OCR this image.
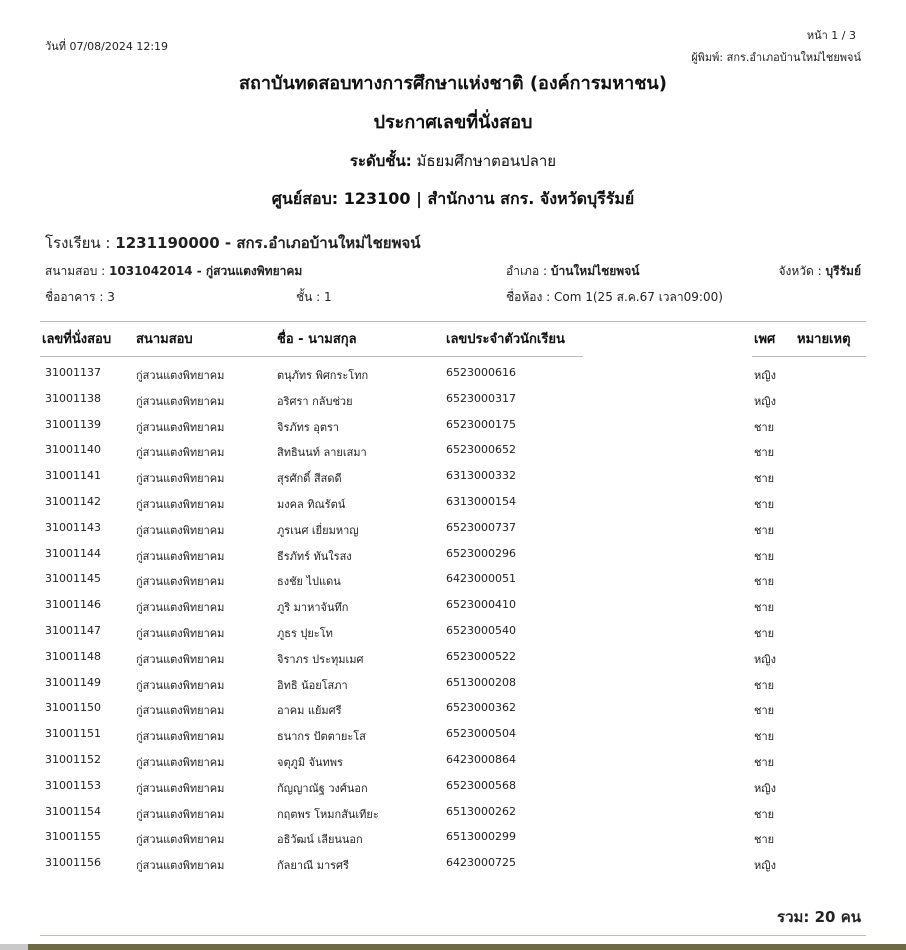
วันที่ 07/08/2024 12:19
หน้า 1 / 3
ผู้พิมพ์: สกร.อำเภอบ้านใหม่ไชยพจน์
สถาบันทดสอบทางการศึกษาแห่งชาติ (องค์การมหาชน)
ประกาศเลขที่นั่งสอบ
ระดับชั้น: มัธยมศึกษาตอนปลาย
ศูนย์สอบ: 123100 | สำนักงาน สกร. จังหวัดบุรีรัมย์
โรงเรียน : 1231190000 - สกร.อำเภอบ้านใหม่ไชยพจน์
สนามสอบ : 1031042014 - กู่สวนแตงพิทยาคม	อำเภอ : บ้านใหม่ไชยพจน์	จังหวัด : บุรีรัมย์
ชื่ออาคาร : 3	ชั้น : 1	ชื่อห้อง : Com 1(25 ส.ค.67 เวลา09:00)
เลขที่นั่งสอบ สนามสอบ	ชื่อ - นามสกุล	เลขประจำตัวนักเรียน	เพศ หมายเหตุ
31001137	กู่สวนแตงพิทยาคม	ตนุภัทร พิศกระโทก	6523000616	หญิง
31001138	กู่สวนแตงพิทยาคม	อริศรา กลับช่วย	6523000317	หญิง
31001139	กู่สวนแตงพิทยาคม	จิรภัทร อุตรา	6523000175	ชาย
31001140	กู่สวนแตงพิทยาคม	สิทธินนท์ ลายเสมา	6523000652	ชาย
31001141	กู่สวนแตงพิทยาคม	สุรศักดิ์ สีสดดี	6313000332	ชาย
31001142	กู่สวนแตงพิทยาคม	มงคล ทิณรัตน์	6313000154	ชาย
31001143	กู่สวนแตงพิทยาคม	ภูรเนศ เยี่ยมหาญ	6523000737	ชาย
31001144	กู่สวนแตงพิทยาคม	ธีรภัทร์ ทันใรสง	6523000296	ชาย
31001145	กู่สวนแตงพิทยาคม	ธงชัย ไปแดน	6423000051	ชาย
31001146	กู่สวนแตงพิทยาคม	ภูริ มาหาจันทึก	6523000410	ชาย
31001147	กู่สวนแตงพิทยาคม	ภูธร ปุยะโท	6523000540	ชาย
31001148	กู่สวนแตงพิทยาคม	จิราภร ประทุมเมศ	6523000522	หญิง
31001149	กู่สวนแตงพิทยาคม	อิทธิ น้อยโสภา	6513000208	ชาย
31001150	กู่สวนแตงพิทยาคม	อาคม แย้มศรี	6523000362	ชาย
31001151	กู่สวนแตงพิทยาคม	ธนากร ปัตตายะโส	6523000504	ชาย
31001152	กู่สวนแตงพิทยาคม	จตุภูมิ จันทพร	6423000864	ชาย
31001153	กู่สวนแตงพิทยาคม	กัญญาณัฐ วงศ์นอก	6523000568	หญิง
31001154	กู่สวนแตงพิทยาคม	กฤตพร โหมกสันเทียะ	6513000262	ชาย
31001155	กู่สวนแตงพิทยาคม	อธิวัฒน์ เลียนนอก	6513000299	ชาย
31001156	กู่สวนแตงพิทยาคม	กัลยาณี มารศรี	6423000725	หญิง
รวม: 20 คน
